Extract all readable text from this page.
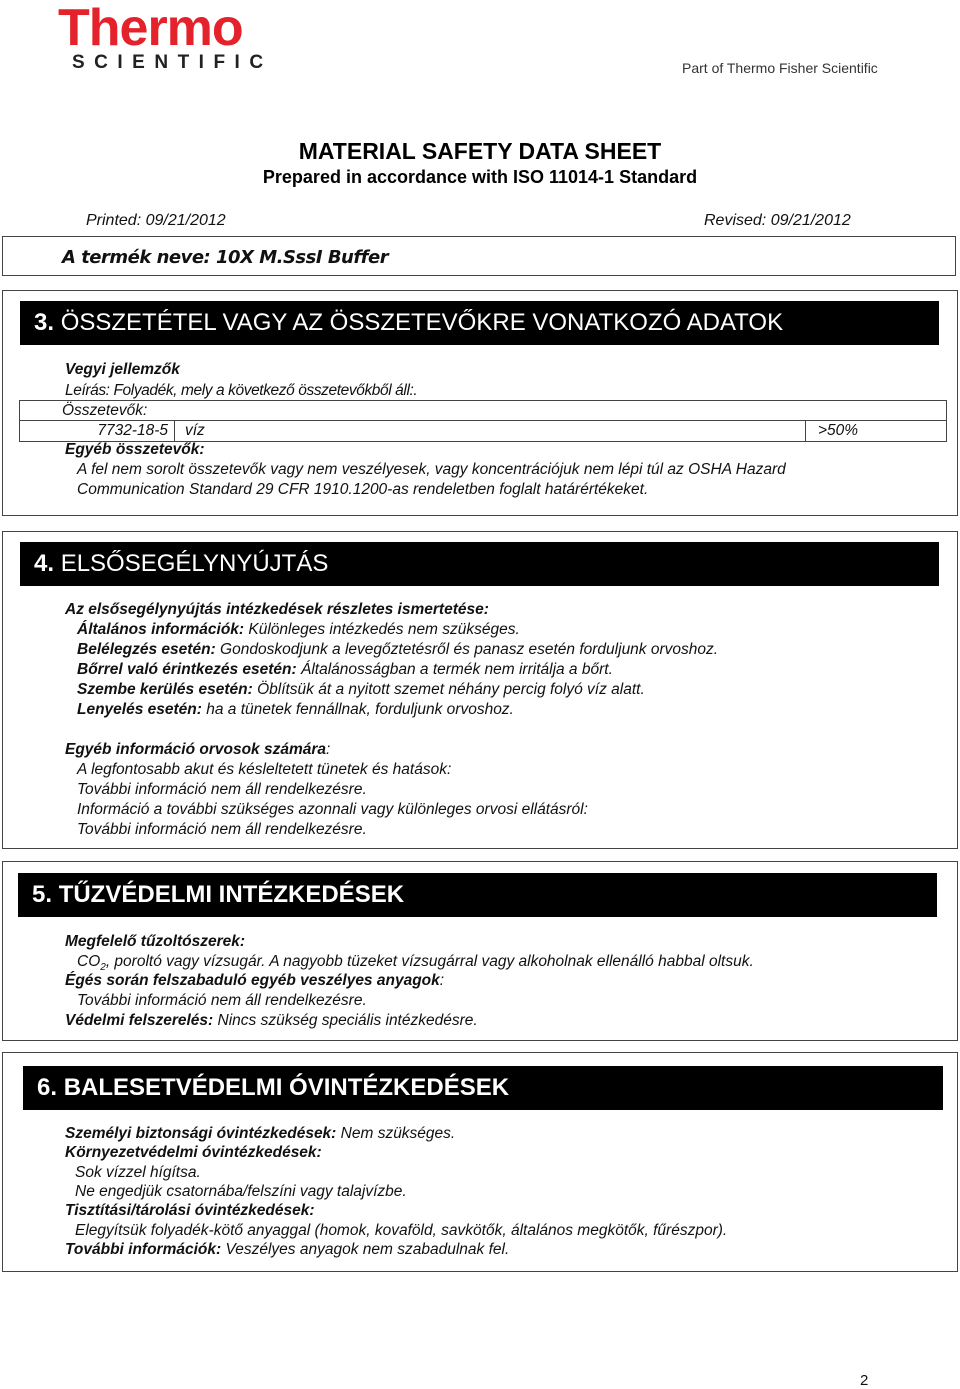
Thermo
SCIENTIFIC	Part of Thermo Fisher Scientific
MATERIAL SAFETY DATA SHEET
Prepared in accordance with ISO 11014-1 Standard
Printed: 09/21/2012	Revised: 09/21/2012
A termék neve: 10X M.SssI Buffer
3. ÖSSZETÉTEL VAGY AZ ÖSSZETEVŐKRE VONATKOZÓ ADATOK
Vegyi jellemzők
Leírás: Folyadék, mely a következő összetevőkből áll:.
Összetevők:
7732-18-5	víz	>50%
Egyéb összetevők:
A fel nem sorolt összetevők vagy nem veszélyesek, vagy koncentrációjuk nem lépi túl az OSHA Hazard
Communication Standard 29 CFR 1910.1200-as rendeletben foglalt határértékeket.
4. ELSŐSEGÉLYNYÚJTÁS
Az elsősegélynyújtás intézkedések részletes ismertetése:
Általános információk: Különleges intézkedés nem szükséges.
Belélegzés esetén: Gondoskodjunk a levegőztetésről és panasz esetén forduljunk orvoshoz.
Bőrrel való érintkezés esetén: Általánosságban a termék nem irritálja a bőrt.
Szembe kerülés esetén: Öblítsük át a nyitott szemet néhány percig folyó víz alatt.
Lenyelés esetén: ha a tünetek fennállnak, forduljunk orvoshoz.
Egyéb információ orvosok számára:
A legfontosabb akut és késleltetett tünetek és hatások:
További információ nem áll rendelkezésre.
Információ a további szükséges azonnali vagy különleges orvosi ellátásról:
További információ nem áll rendelkezésre.
5. TŰZVÉDELMI INTÉZKEDÉSEK
Megfelelő tűzoltószerek:
$CO_2$, poroltó vagy vízsugár. A nagyobb tüzeket vízsugárral vagy alkoholnak ellenálló habbal oltsuk.
Égés során felszabaduló egyéb veszélyes anyagok:
További információ nem áll rendelkezésre.
Védelmi felszerelés: Nincs szükség speciális intézkedésre.
6. BALESETVÉDELMI ÓVINTÉZKEDÉSEK
Személyi biztonsági óvintézkedések: Nem szükséges.
Környezetvédelmi óvintézkedések:
Sok vízzel hígítsa.
Ne engedjük csatornába/felszíni vagy talajvízbe.
Tisztítási/tárolási óvintézkedések:
Elegyítsük folyadék-kötő anyaggal (homok, kovaföld, savkötők, általános megkötők, fűrészpor).
További információk: Veszélyes anyagok nem szabadulnak fel.
2
